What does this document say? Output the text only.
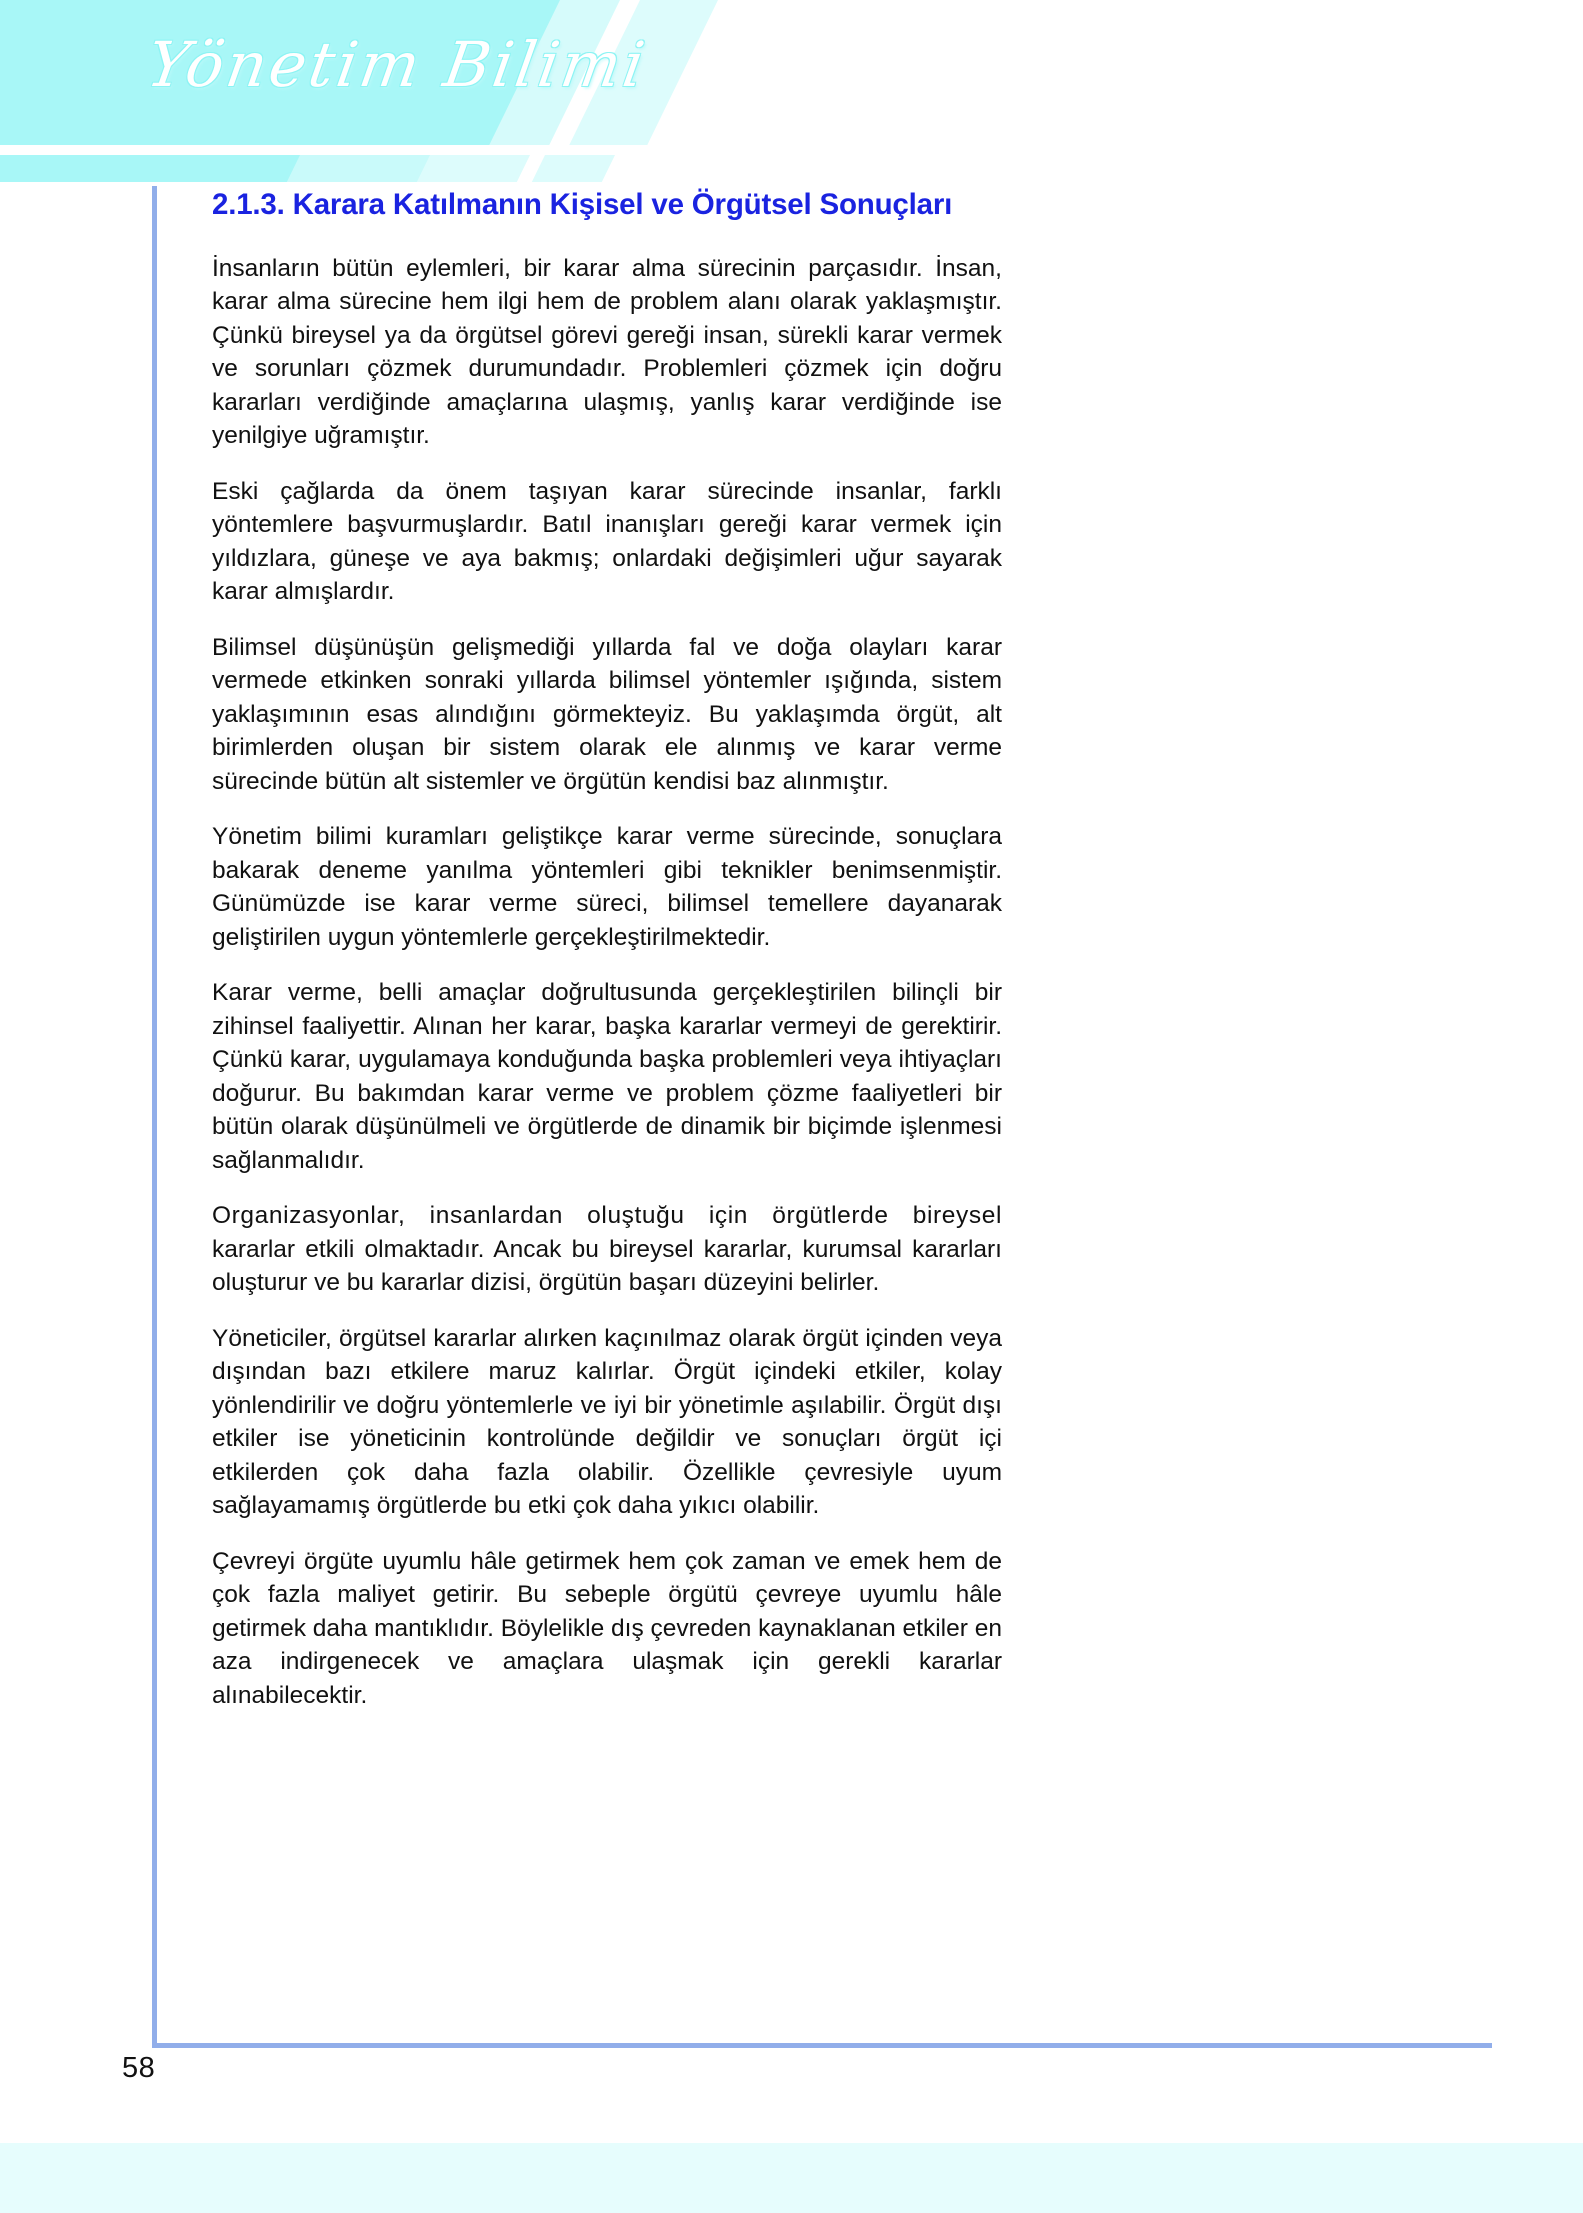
Yönetim Bilimi
2.1.3. Karara Katılmanın Kişisel ve Örgütsel Sonuçları

İnsanların bütün eylemleri, bir karar alma sürecinin parçasıdır. İnsan, karar alma sürecine hem ilgi hem de problem alanı olarak yaklaşmıştır. Çünkü bireysel ya da örgütsel görevi gereği insan, sürekli karar vermek ve sorunları çözmek durumundadır. Problemleri çözmek için doğru kararları verdiğinde amaçlarına ulaşmış, yanlış karar verdiğinde ise yenilgiye uğramıştır.

Eski çağlarda da önem taşıyan karar sürecinde insanlar, farklı yöntemlere başvurmuşlardır. Batıl inanışları gereği karar vermek için yıldızlara, güneşe ve aya bakmış; onlardaki değişimleri uğur sayarak karar almışlardır.

Bilimsel düşünüşün gelişmediği yıllarda fal ve doğa olayları karar vermede etkinken sonraki yıllarda bilimsel yöntemler ışığında, sistem yaklaşımının esas alındığını görmekteyiz. Bu yaklaşımda örgüt, alt birimlerden oluşan bir sistem olarak ele alınmış ve karar verme sürecinde bütün alt sistemler ve örgütün kendisi baz alınmıştır.

Yönetim bilimi kuramları geliştikçe karar verme sürecinde, sonuçlara bakarak deneme yanılma yöntemleri gibi teknikler benimsenmiştir. Günümüzde ise karar verme süreci, bilimsel temellere dayanarak geliştirilen uygun yöntemlerle gerçekleştirilmektedir.

Karar verme, belli amaçlar doğrultusunda gerçekleştirilen bilinçli bir zihinsel faaliyettir. Alınan her karar, başka kararlar vermeyi de gerektirir. Çünkü karar, uygulamaya konduğunda başka problemleri veya ihtiyaçları doğurur. Bu bakımdan karar verme ve problem çözme faaliyetleri bir bütün olarak düşünülmeli ve örgütlerde de dinamik bir biçimde işlenmesi sağlanmalıdır.

Organizasyonlar, insanlardan oluştuğu için örgütlerde bireysel kararlar etkili olmaktadır. Ancak bu bireysel kararlar, kurumsal kararları oluşturur ve bu kararlar dizisi, örgütün başarı düzeyini belirler.

Yöneticiler, örgütsel kararlar alırken kaçınılmaz olarak örgüt içinden veya dışından bazı etkilere maruz kalırlar. Örgüt içindeki etkiler, kolay yönlendirilir ve doğru yöntemlerle ve iyi bir yönetimle aşılabilir. Örgüt dışı etkiler ise yöneticinin kontrolünde değildir ve sonuçları örgüt içi etkilerden çok daha fazla olabilir. Özellikle çevresiyle uyum sağlayamamış örgütlerde bu etki çok daha yıkıcı olabilir.

Çevreyi örgüte uyumlu hâle getirmek hem çok zaman ve emek hem de çok fazla maliyet getirir. Bu sebeple örgütü çevreye uyumlu hâle getirmek daha mantıklıdır. Böylelikle dış çevreden kaynaklanan etkiler en aza indirgenecek ve amaçlara ulaşmak için gerekli kararlar alınabilecektir.

58
